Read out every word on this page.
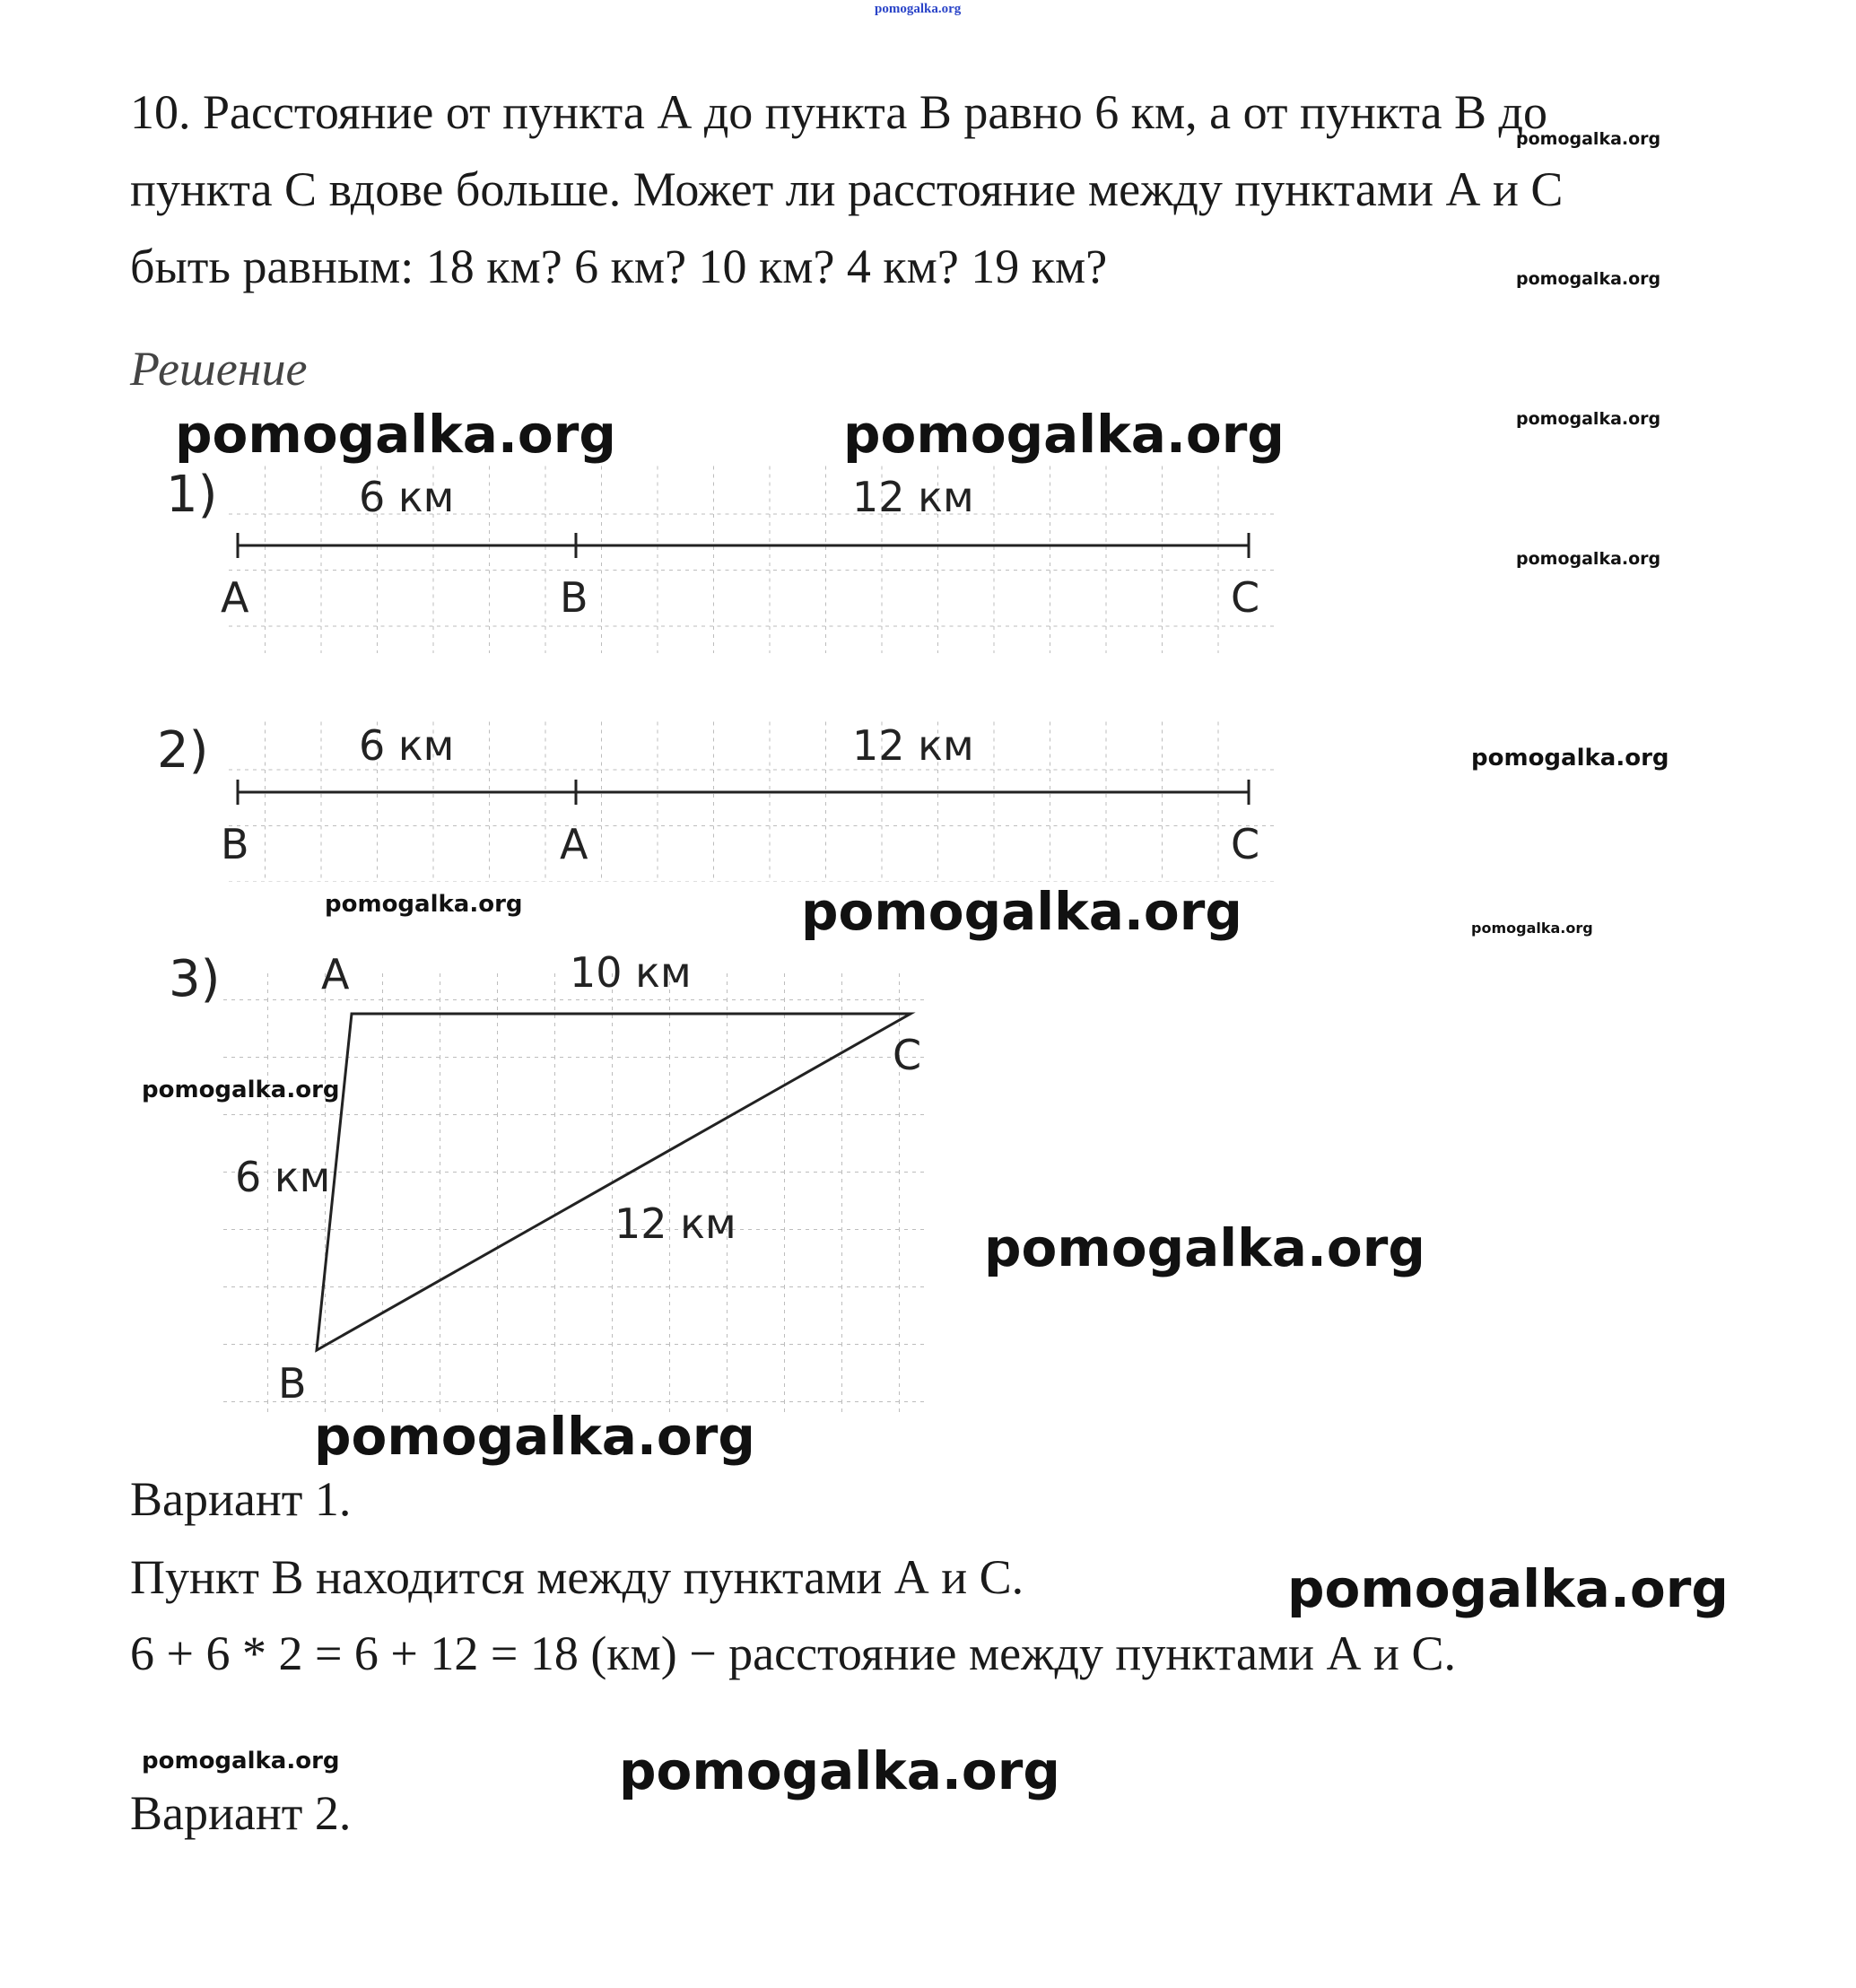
pomogalka.org
10. Расстояние от пункта А до пункта В равно 6 км, а от пункта В до
пункта С вдове больше. Может ли расстояние между пунктами А и С
быть равным: 18 км? 6 км? 10 км? 4 км? 19 км?
Решение
1)	6 км	12 км
А	В	С
2)	6 км	12 км
В	А	С
3)	10 км
6 км
12 км
А
С
В
Вариант 1.
Пункт В находится между пунктами А и С.
6 + 6 * 2 = 6 + 12 = 18 (км) − расстояние между пунктами А и С.
Вариант 2.
pomogalka.org
pomogalka.org
pomogalka.org
pomogalka.org
pomogalka.org	pomogalka.org
pomogalka.org
pomogalka.org	pomogalka.org	pomogalka.org
pomogalka.org
pomogalka.org
pomogalka.org
pomogalka.org
pomogalka.org	pomogalka.org
